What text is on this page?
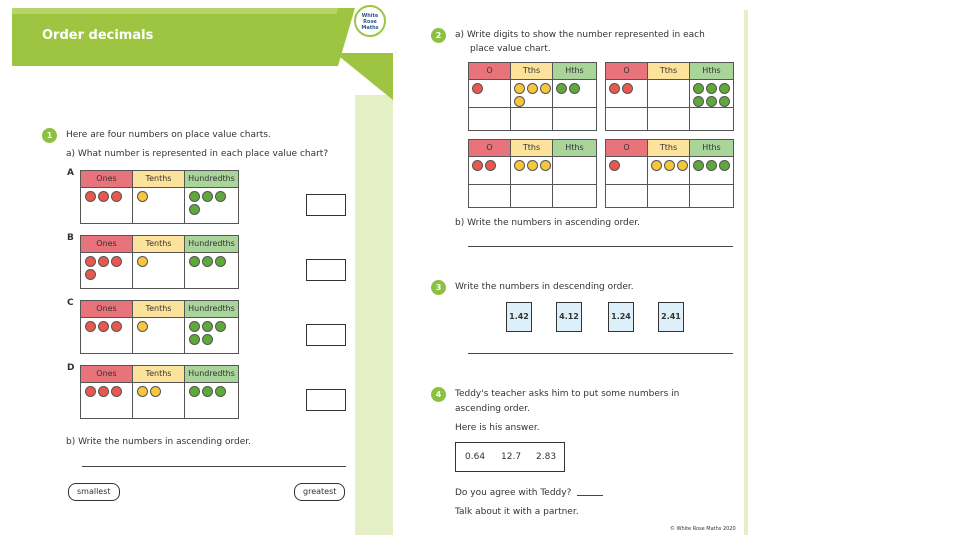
Order decimals
White Rose Maths
1	Here are four numbers on place value charts.
a) What number is represented in each place value chart?
b) Write the numbers in ascending order.
smallest	greatest
2	a) Write digits to show the number represented in each
place value chart.
b) Write the numbers in ascending order.
3	Write the numbers in descending order.
1.42	4.12	1.24	2.41
4	Teddy's teacher asks him to put some numbers in
ascending order.
Here is his answer.
0.64 12.7 2.83
Do you agree with Teddy?
Talk about it with a partner.
© White Rose Maths 2020
A
Ones	Tenths	Hundredths
B
Ones	Tenths	Hundredths
C
Ones	Tenths	Hundredths
D
Ones	Tenths	Hundredths
O	Tths	Hths	O	Tths	Hths
O	Tths	Hths	O	Tths	Hths
